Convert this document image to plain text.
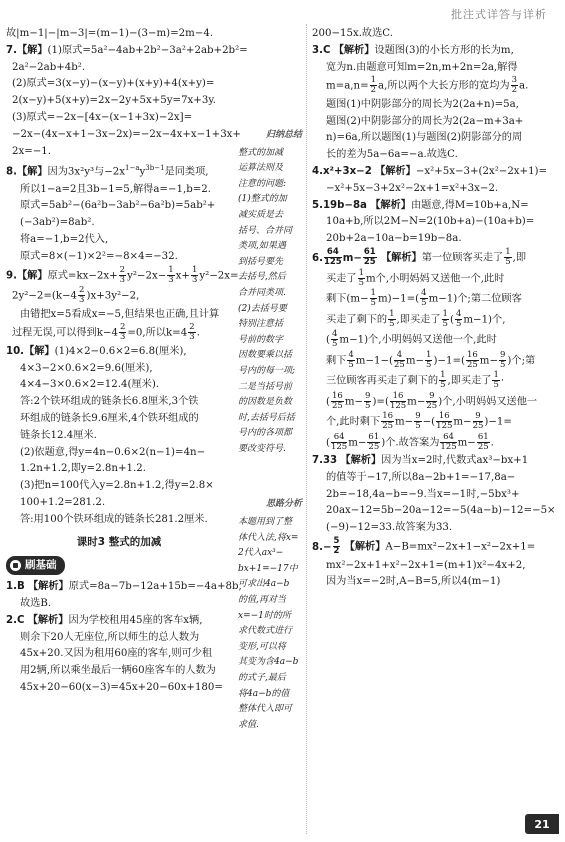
批注式详答与详析

故|m−1|−|m−3|=(m−1)−(3−m)=2m−4.

7.【解】(1)原式=5a²−4ab+2b²−3a²+2ab+2b²=

2a²−2ab+4b².

(2)原式=3(x−y)−(x−y)+(x+y)+4(x+y)=

2(x−y)+5(x+y)=2x−2y+5x+5y=7x+3y.

(3)原式=−2x−[4x−(x−1+3x)−2x]=

−2x−(4x−x+1−3x−2x)=−2x−4x+x−1+3x+

2x=−1.

8.【解】因为3x²y³与$-2x^{1-a}y^{3b-1}$是同类项,

所以1−a=2且3b−1=5,解得a=−1,b=2.

原式=5ab²−(6a²b−3ab²−6a²b)=5ab²+

(−3ab²)=8ab².

将a=−1,b=2代入,

原式=8×(−1)×2²=−8×4=−32.

9.【解】原式$=kx-2x+ \frac{2}{3} y^2-2x- \frac{1}{3} x+ \frac{1}{3} y^2-2x=$

$2y^2-2=(k-4 \frac{2}{3} )x+3y^2-2$,

由错把x=5看成x=−5,但结果也正确,且计算

过程无误,可以得到$k-4 \frac{2}{3} =0$,所以$k=4 \frac{2}{3}$ .

10.【解】(1)4×2−0.6×2=6.8(厘米),

4×3−2×0.6×2=9.6(厘米),

4×4−3×0.6×2=12.4(厘米).

答:2个铁环组成的链条长6.8厘米,3个铁

环组成的链条长9.6厘米,4个铁环组成的

链条长12.4厘米.

(2)依题意,得y=4n−0.6×2(n−1)=4n−

1.2n+1.2,即y=2.8n+1.2.

(3)把n=100代入y=2.8n+1.2,得y=2.8×

100+1.2=281.2.

答:用100个铁环组成的链条长281.2厘米.

课时3 整式的加减
刷基础

1.B 【解析】原式=8a−7b−12a+15b=−4a+8b,

故选B.

2.C 【解析】因为学校租用45座的客车x辆,

则余下20人无座位,所以师生的总人数为

45x+20.又因为租用60座的客车,则可少租

用2辆,所以乘坐最后一辆60座客车的人数为

45x+20−60(x−3)=45x+20−60x+180=

归纳总结

整式的加减

运算法则及

注意的问题:

(1)整式的加

减实质是去

括号、合并同

类项,如果遇

到括号要先

去括号,然后

合并同类项.

(2)去括号要

特别注意括

号前的数字

因数要乘以括

号内的每一项;

二是当括号前

的因数是负数

时,去括号后括

号内的各项都

要改变符号.

思路分析

本题用到了整

体代入法,将x=

2代入ax³−

bx+1=−17中

可求出4a−b

的值,再对当

x=−1时的所

求代数式进行

变形,可以将

其变为含4a−b

的式子,最后

将4a−b的值

整体代入即可

求值.

200−15x.故选C.

3.C 【解析】设题图(3)的小长方形的长为m,

宽为n.由题意可知m=2n,m+2n=2a,解得

$m=a,n= \frac{1}{2} a$,所以两个大长方形的宽均为 $\frac{3}{2} a$.

题图(1)中阴影部分的周长为2(2a+n)=5a,

题图(2)中阴影部分的周长为2(2a−m+3a+

n)=6a,所以题图(1)与题图(2)阴影部分的周

长的差为5a−6a=−a.故选C.

4.x²+3x−2 【解析】−x²+5x−3+(2x²−2x+1)=

−x²+5x−3+2x²−2x+1=x²+3x−2.

5.19b−8a 【解析】由题意,得M=10b+a,N=

10a+b,所以2M−N=2(10b+a)−(10a+b)=

20b+2a−10a−b=19b−8a.

6. $\frac{64}{125} m- \frac{61}{25}$ 【解析】第一位顾客买走了 $\frac{1}{5}$ ,即

买走了 $\frac{1}{5}$ m个,小明妈妈又送他一个,此时

剩下$(m- \frac{1}{5} m)-1=( \frac{4}{5} m-1)$个;第二位顾客

买走了剩下的 $\frac{1}{5}$ ,即买走了 $\frac{1}{5}$ ( $\frac{4}{5} m-1$)个,

( $\frac{4}{5} m-1$)个,小明妈妈又送他一个,此时

剩下 $\frac{4}{5} m-1-( \frac{4}{25} m- \frac{1}{5} )-1=( \frac{16}{25} m- \frac{9}{5}$ )个;第

三位顾客再买走了剩下的 $\frac{1}{5}$ ,即买走了 $\frac{1}{5}$ ·

( $\frac{16}{25} m- \frac{9}{5}$ )=( $\frac{16}{125} m- \frac{9}{25}$ )个,小明妈妈又送他一

个,此时剩下 $\frac{16}{25} m- \frac{9}{5}$ −( $\frac{16}{125} m- \frac{9}{25} )-1=$

( $\frac{64}{125} m- \frac{61}{25}$ )个.故答案为 $\frac{64}{125} m- \frac{61}{25}$ .

7.33 【解析】因为当x=2时,代数式ax³−bx+1

的值等于−17,所以8a−2b+1=−17,8a−

2b=−18,4a−b=−9.当x=−1时,−5bx³+

20ax−12=5b−20a−12=−5(4a−b)−12=−5×

(−9)−12=33.故答案为33.

$8.- \frac{5}{2}$ 【解析】A−B=mx²−2x+1−x²−2x+1=

mx²−2x+1+x²−2x+1=(m+1)x²−4x+2,

因为当x=−2时,A−B=5,所以4(m−1)

21
